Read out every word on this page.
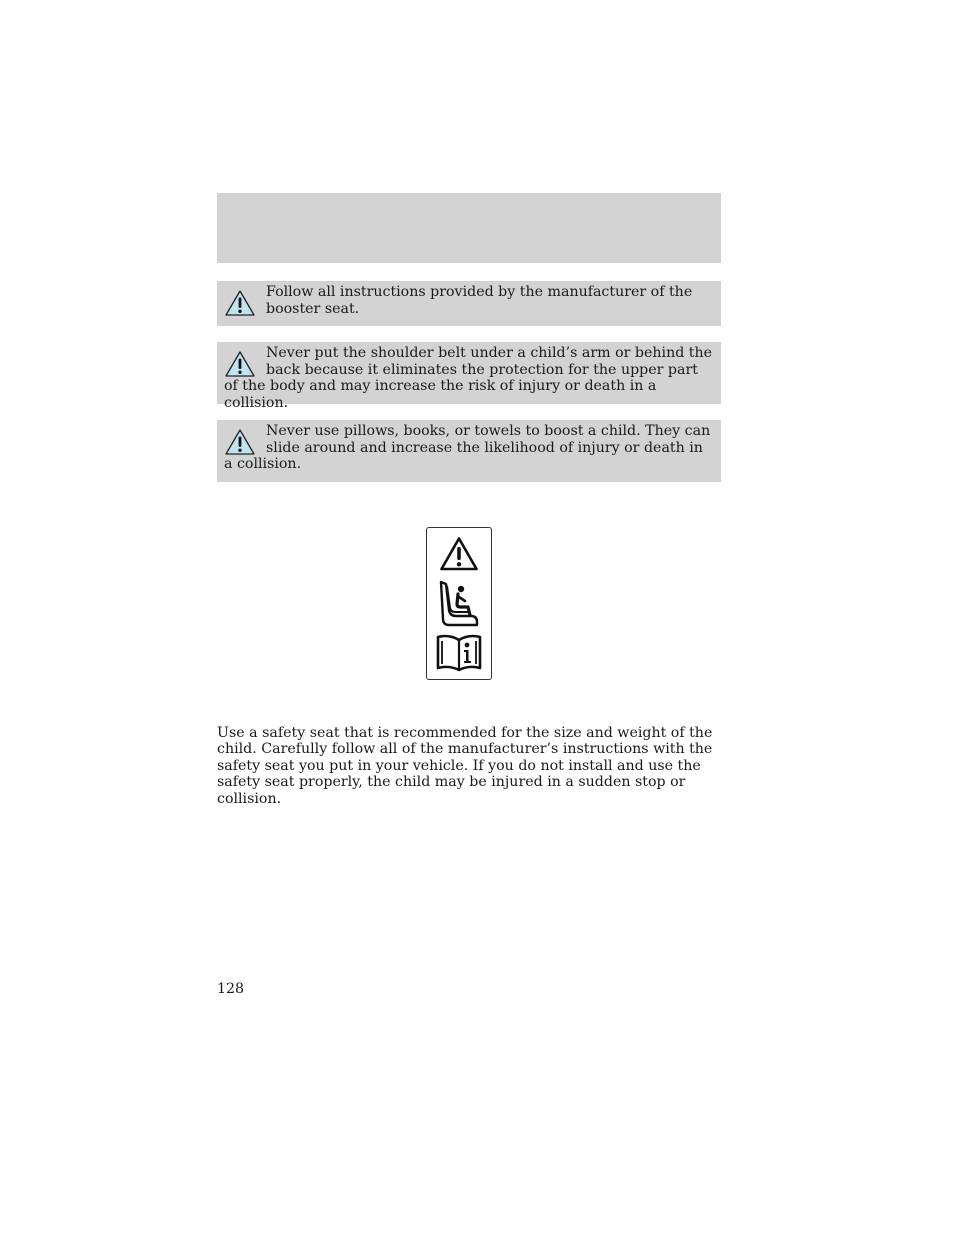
Follow all instructions provided by the manufacturer of the booster seat.
Never put the shoulder belt under a child’s arm or behind the back because it eliminates the protection for the upper part of the body and may increase the risk of injury or death in a collision.
Never use pillows, books, or towels to boost a child. They can slide around and increase the likelihood of injury or death in a collision.

Use a safety seat that is recommended for the size and weight of the child. Carefully follow all of the manufacturer’s instructions with the safety seat you put in your vehicle. If you do not install and use the safety seat properly, the child may be injured in a sudden stop or collision.

128
